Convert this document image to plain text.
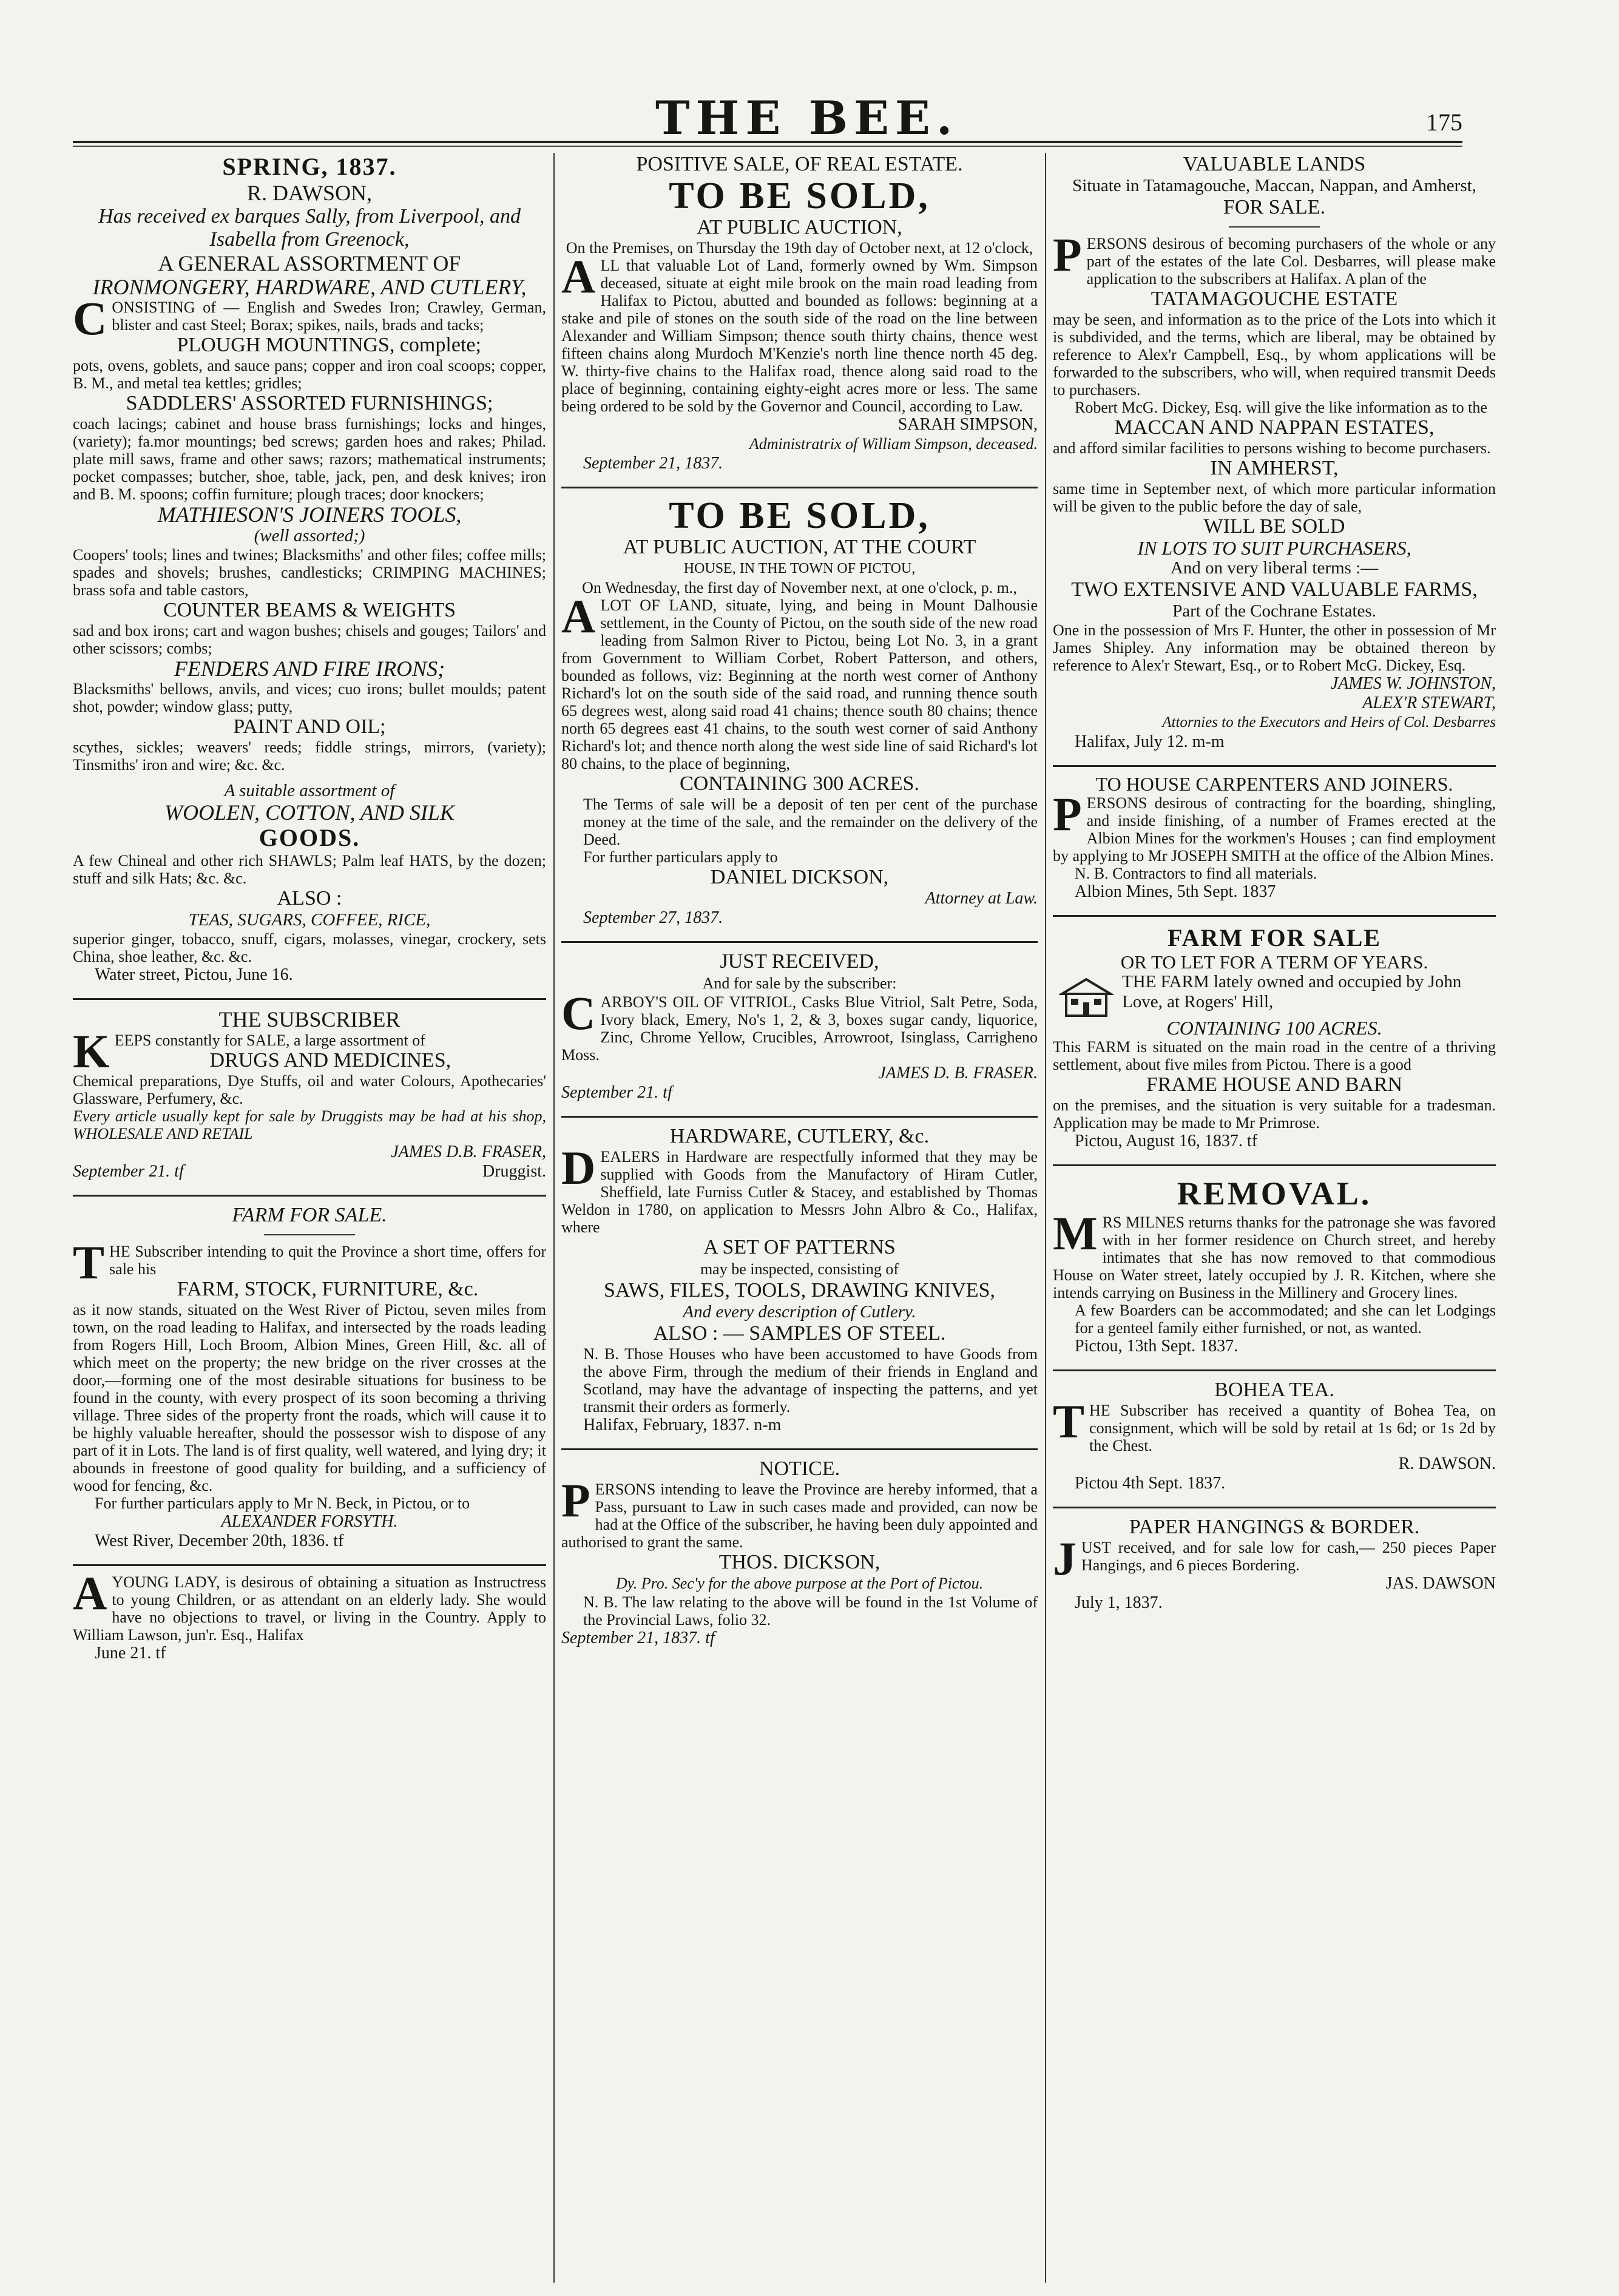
THE BEE.	175
SPRING, 1837.
R. DAWSON,
Has received ex barques Sally, from Liverpool, and Isabella from Greenock,
A GENERAL ASSORTMENT OF
IRONMONGERY, HARDWARE, AND CUTLERY,

CONSISTING of — English and Swedes Iron; Crawley, German, blister and cast Steel; Borax; spikes, nails, brads and tacks;

PLOUGH MOUNTINGS, complete;

pots, ovens, goblets, and sauce pans; copper and iron coal scoops; copper, B. M., and metal tea kettles; gridles;

SADDLERS' ASSORTED FURNISHINGS;

coach lacings; cabinet and house brass furnishings; locks and hinges, (variety); fa.mor mountings; bed screws; garden hoes and rakes; Philad. plate mill saws, frame and other saws; razors; mathematical instruments; pocket compasses; butcher, shoe, table, jack, pen, and desk knives; iron and B. M. spoons; coffin furniture; plough traces; door knockers;

MATHIESON'S JOINERS TOOLS,
(well assorted;)

Coopers' tools; lines and twines; Blacksmiths' and other files; coffee mills; spades and shovels; brushes, candlesticks; CRIMPING MACHINES; brass sofa and table castors,

COUNTER BEAMS & WEIGHTS

sad and box irons; cart and wagon bushes; chisels and gouges; Tailors' and other scissors; combs;

FENDERS AND FIRE IRONS;

Blacksmiths' bellows, anvils, and vices; cuo irons; bullet moulds; patent shot, powder; window glass; putty,

PAINT AND OIL;

scythes, sickles; weavers' reeds; fiddle strings, mirrors, (variety); Tinsmiths' iron and wire; &c. &c.

A suitable assortment of
WOOLEN, COTTON, AND SILK
GOODS.

A few Chineal and other rich SHAWLS; Palm leaf HATS, by the dozen; stuff and silk Hats; &c. &c.

ALSO :
TEAS, SUGARS, COFFEE, RICE,

superior ginger, tobacco, snuff, cigars, molasses, vinegar, crockery, sets China, shoe leather, &c. &c.

Water street, Pictou, June 16.
THE SUBSCRIBER

KEEPS constantly for SALE, a large assortment of

DRUGS AND MEDICINES,

Chemical preparations, Dye Stuffs, oil and water Colours, Apothecaries' Glassware, Perfumery, &c.

Every article usually kept for sale by Druggists may be had at his shop, WHOLESALE AND RETAIL

JAMES D.B. FRASER,
September 21. tf	Druggist.
FARM FOR SALE.

THE Subscriber intending to quit the Province a short time, offers for sale his

FARM, STOCK, FURNITURE, &c.

as it now stands, situated on the West River of Pictou, seven miles from town, on the road leading to Halifax, and intersected by the roads leading from Rogers Hill, Loch Broom, Albion Mines, Green Hill, &c. all of which meet on the property; the new bridge on the river crosses at the door,—forming one of the most desirable situations for business to be found in the county, with every prospect of its soon becoming a thriving village. Three sides of the property front the roads, which will cause it to be highly valuable hereafter, should the possessor wish to dispose of any part of it in Lots. The land is of first quality, well watered, and lying dry; it abounds in freestone of good quality for building, and a sufficiency of wood for fencing, &c.

For further particulars apply to Mr N. Beck, in Pictou, or to

ALEXANDER FORSYTH.
West River, December 20th, 1836. tf

AYOUNG LADY, is desirous of obtaining a situation as Instructress to young Children, or as attendant on an elderly lady. She would have no objections to travel, or living in the Country. Apply to William Lawson, jun'r. Esq., Halifax

June 21. tf
POSITIVE SALE, OF REAL ESTATE.
TO BE SOLD,
AT PUBLIC AUCTION,
On the Premises, on Thursday the 19th day of October next, at 12 o'clock,

ALL that valuable Lot of Land, formerly owned by Wm. Simpson deceased, situate at eight mile brook on the main road leading from Halifax to Pictou, abutted and bounded as follows: beginning at a stake and pile of stones on the south side of the road on the line between Alexander and William Simpson; thence south thirty chains, thence west fifteen chains along Murdoch M'Kenzie's north line thence north 45 deg. W. thirty-five chains to the Halifax road, thence along said road to the place of beginning, containing eighty-eight acres more or less. The same being ordered to be sold by the Governor and Council, according to Law.

SARAH SIMPSON,
Administratrix of William Simpson, deceased.
September 21, 1837.
TO BE SOLD,
AT PUBLIC AUCTION, AT THE COURT
HOUSE, IN THE TOWN OF PICTOU,
On Wednesday, the first day of November next, at one o'clock, p. m.,

ALOT OF LAND, situate, lying, and being in Mount Dalhousie settlement, in the County of Pictou, on the south side of the new road leading from Salmon River to Pictou, being Lot No. 3, in a grant from Government to William Corbet, Robert Patterson, and others, bounded as follows, viz: Beginning at the north west corner of Anthony Richard's lot on the south side of the said road, and running thence south 65 degrees west, along said road 41 chains; thence south 80 chains; thence north 65 degrees east 41 chains, to the south west corner of said Anthony Richard's lot; and thence north along the west side line of said Richard's lot 80 chains, to the place of beginning,

CONTAINING 300 ACRES.

The Terms of sale will be a deposit of ten per cent of the purchase money at the time of the sale, and the remainder on the delivery of the Deed.

For further particulars apply to

DANIEL DICKSON,
Attorney at Law.
September 27, 1837.
JUST RECEIVED,
And for sale by the subscriber:

CARBOY'S OIL OF VITRIOL, Casks Blue Vitriol, Salt Petre, Soda, Ivory black, Emery, No's 1, 2, & 3, boxes sugar candy, liquorice, Zinc, Chrome Yellow, Crucibles, Arrowroot, Isinglass, Carrigheno Moss.

JAMES D. B. FRASER.
September 21. tf
HARDWARE, CUTLERY, &c.

DEALERS in Hardware are respectfully informed that they may be supplied with Goods from the Manufactory of Hiram Cutler, Sheffield, late Furniss Cutler & Stacey, and established by Thomas Weldon in 1780, on application to Messrs John Albro & Co., Halifax, where

A SET OF PATTERNS
may be inspected, consisting of
SAWS, FILES, TOOLS, DRAWING KNIVES,
And every description of Cutlery.
ALSO : — SAMPLES OF STEEL.

N. B. Those Houses who have been accustomed to have Goods from the above Firm, through the medium of their friends in England and Scotland, may have the advantage of inspecting the patterns, and yet transmit their orders as formerly.

Halifax, February, 1837. n-m
NOTICE.

PERSONS intending to leave the Province are hereby informed, that a Pass, pursuant to Law in such cases made and provided, can now be had at the Office of the subscriber, he having been duly appointed and authorised to grant the same.

THOS. DICKSON,
Dy. Pro. Sec'y for the above purpose at the Port of Pictou.

N. B. The law relating to the above will be found in the 1st Volume of the Provincial Laws, folio 32.

September 21, 1837. tf
VALUABLE LANDS
Situate in Tatamagouche, Maccan, Nappan, and Amherst,
FOR SALE.

PERSONS desirous of becoming purchasers of the whole or any part of the estates of the late Col. Desbarres, will please make application to the subscribers at Halifax. A plan of the

TATAMAGOUCHE ESTATE

may be seen, and information as to the price of the Lots into which it is subdivided, and the terms, which are liberal, may be obtained by reference to Alex'r Campbell, Esq., by whom applications will be forwarded to the subscribers, who will, when required transmit Deeds to purchasers.

Robert McG. Dickey, Esq. will give the like information as to the

MACCAN AND NAPPAN ESTATES,

and afford similar facilities to persons wishing to become purchasers.

IN AMHERST,

same time in September next, of which more particular information will be given to the public before the day of sale,

WILL BE SOLD
IN LOTS TO SUIT PURCHASERS,
And on very liberal terms :—
TWO EXTENSIVE AND VALUABLE FARMS,
Part of the Cochrane Estates.

One in the possession of Mrs F. Hunter, the other in possession of Mr James Shipley. Any information may be obtained thereon by reference to Alex'r Stewart, Esq., or to Robert McG. Dickey, Esq.

JAMES W. JOHNSTON,
ALEX'R STEWART,
Attornies to the Executors and Heirs of Col. Desbarres
Halifax, July 12. m-m
TO HOUSE CARPENTERS AND JOINERS.

PERSONS desirous of contracting for the boarding, shingling, and inside finishing, of a number of Frames erected at the Albion Mines for the workmen's Houses ; can find employment by applying to Mr JOSEPH SMITH at the office of the Albion Mines.

N. B. Contractors to find all materials.

Albion Mines, 5th Sept. 1837
FARM FOR SALE
OR TO LET FOR A TERM OF YEARS.
THE FARM lately owned and occupied by John Love, at Rogers' Hill,
CONTAINING 100 ACRES.

This FARM is situated on the main road in the centre of a thriving settlement, about five miles from Pictou. There is a good

FRAME HOUSE AND BARN

on the premises, and the situation is very suitable for a tradesman. Application may be made to Mr Primrose.

Pictou, August 16, 1837. tf
REMOVAL.

MRS MILNES returns thanks for the patronage she was favored with in her former residence on Church street, and hereby intimates that she has now removed to that commodious House on Water street, lately occupied by J. R. Kitchen, where she intends carrying on Business in the Millinery and Grocery lines.

A few Boarders can be accommodated; and she can let Lodgings for a genteel family either furnished, or not, as wanted.

Pictou, 13th Sept. 1837.
BOHEA TEA.

THE Subscriber has received a quantity of Bohea Tea, on consignment, which will be sold by retail at 1s 6d; or 1s 2d by the Chest.

R. DAWSON.
Pictou 4th Sept. 1837.
PAPER HANGINGS & BORDER.

JUST received, and for sale low for cash,— 250 pieces Paper Hangings, and 6 pieces Bordering.

JAS. DAWSON
July 1, 1837.
